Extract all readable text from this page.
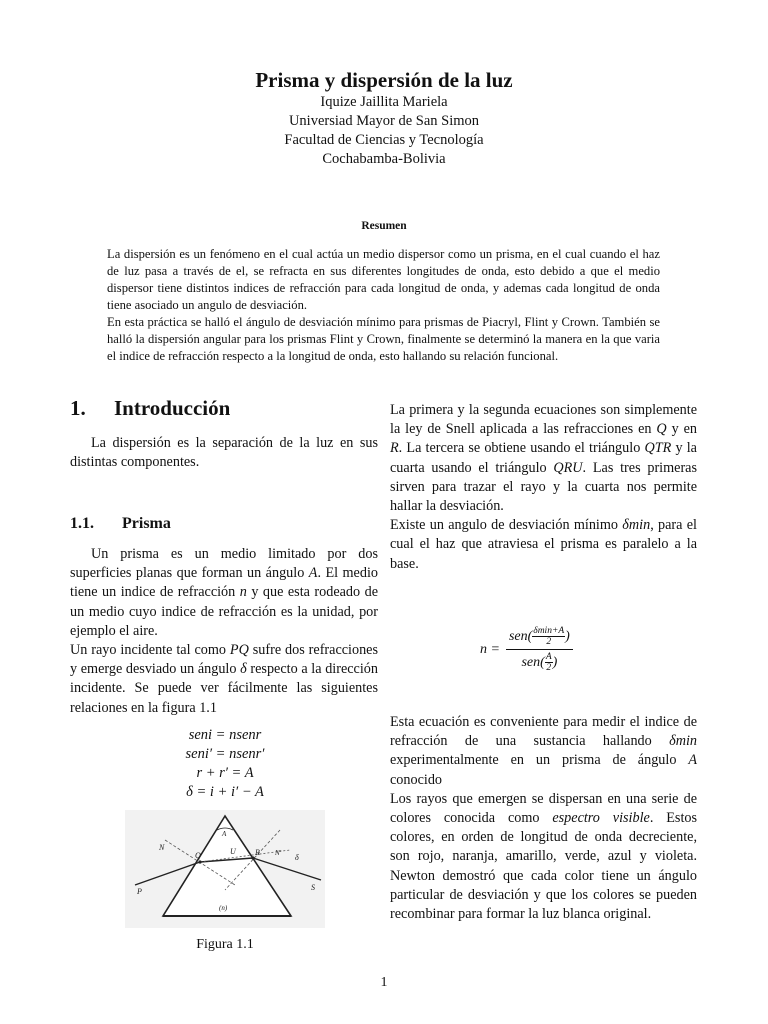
Prisma y dispersión de la luz
Iquize Jaillita Mariela
Universiad Mayor de San Simon
Facultad de Ciencias y Tecnología
Cochabamba-Bolivia
Resumen

La dispersión es un fenómeno en el cual actúa un medio dispersor como un prisma, en el cual cuando el haz de luz pasa a través de el, se refracta en sus diferentes longitudes de onda, esto debido a que el medio dispersor tiene distintos indices de refracción para cada longitud de onda, y ademas cada longitud de onda tiene asociado un angulo de desviación.

En esta práctica se halló el ángulo de desviación mínimo para prismas de Piacryl, Flint y Crown. También se halló la dispersión angular para los prismas Flint y Crown, finalmente se determinó la manera en la que varia el indice de refracción respecto a la longitud de onda, esto hallando su relación funcional.

1. Introducción

La dispersión es la separación de la luz en sus distintas componentes.

1.1. Prisma

Un prisma es un medio limitado por dos superficies planas que forman un ángulo A. El medio tiene un indice de refracción n y que esta rodeado de un medio cuyo indice de refracción es la unidad, por ejemplo el aire.

Un rayo incidente tal como PQ sufre dos refracciones y emerge desviado un ángulo δ respecto a la dirección incidente. Se puede ver fácilmente las siguientes relaciones en la figura 1.1

seni = nsenr
seni′ = nsenr′
r + r′ = A
δ = i + i′ − A
Q	R
U
P	S
N
N′
A
δ
(n)
Figura 1.1

La primera y la segunda ecuaciones son simplemente la ley de Snell aplicada a las refracciones en Q y en R. La tercera se obtiene usando el triángulo QTR y la cuarta usando el triángulo QRU. Las tres primeras sirven para trazar el rayo y la cuarta nos permite hallar la desviación.

Existe un angulo de desviación mínimo δmin, para el cual el haz que atraviesa el prisma es paralelo a la base.

n =
sen( δmin+A
2 )
sen( A
2 )

Esta ecuación es conveniente para medir el indice de refracción de una sustancia hallando δmin experimentalmente en un prisma de ángulo A conocido

Los rayos que emergen se dispersan en una serie de colores conocida como espectro visible. Estos colores, en orden de longitud de onda decreciente, son rojo, naranja, amarillo, verde, azul y violeta. Newton demostró que cada color tiene un ángulo particular de desviación y que los colores se pueden recombinar para formar la luz blanca original.

1
